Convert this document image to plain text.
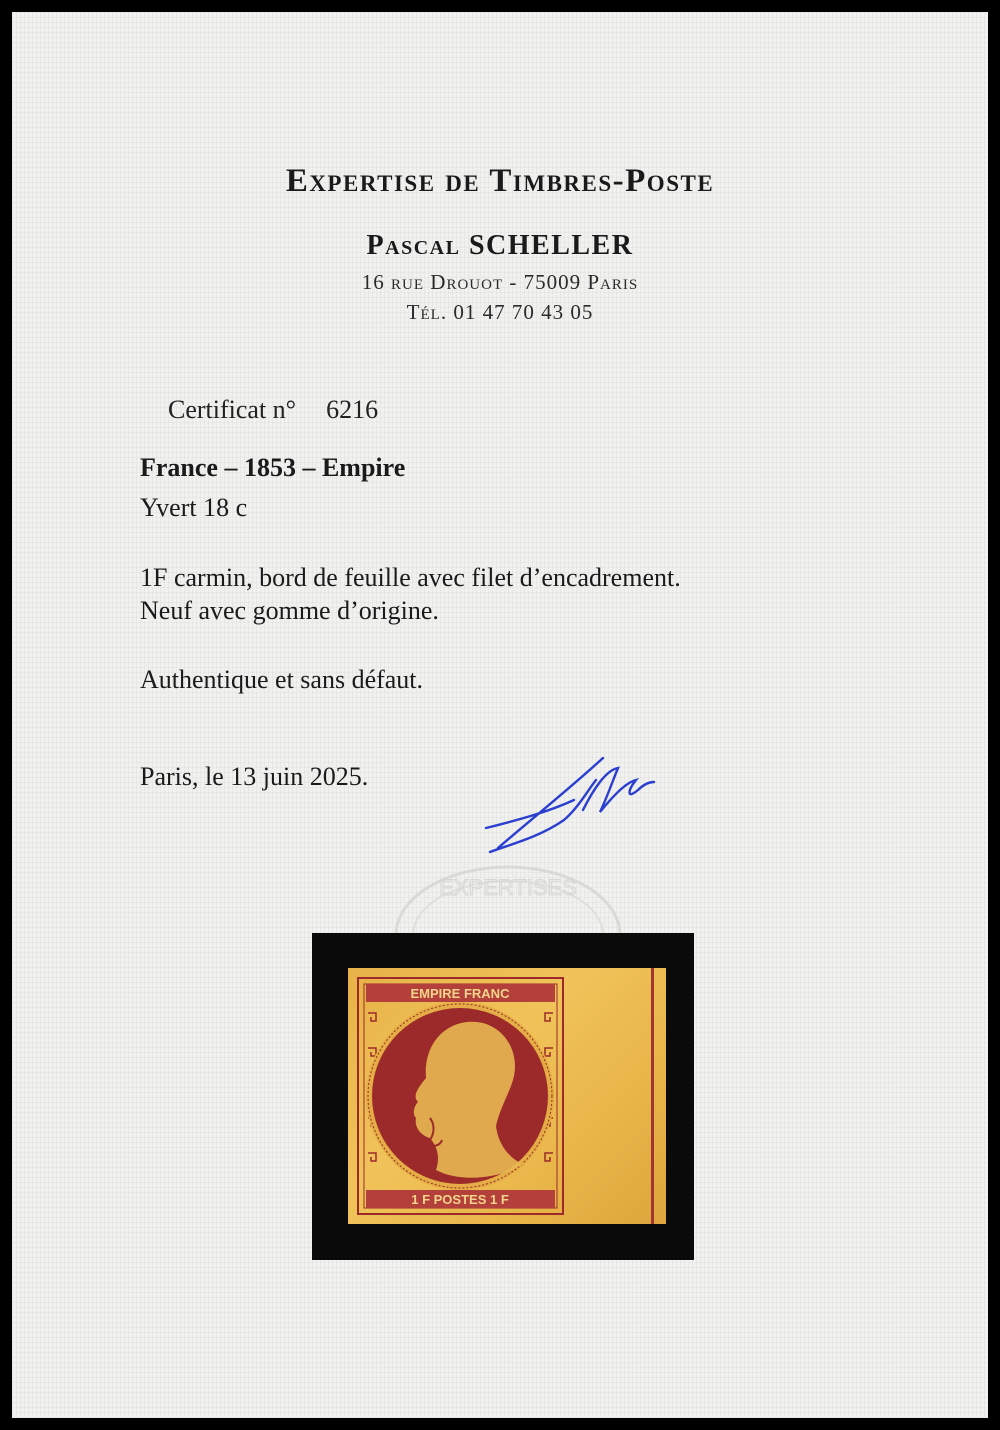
Expertise de Timbres-Poste
Pascal SCHELLER
16 rue Drouot - 75009 Paris
Tél. 01 47 70 43 05
Certificat n° 6216
France – 1853 – Empire
Yvert 18 c
1F carmin, bord de feuille avec filet d’encadrement.
Neuf avec gomme d’origine.
Authentique et sans défaut.
Paris, le 13 juin 2025.
EXPERTISES
EMPIRE FRANC
1 F POSTES 1 F
